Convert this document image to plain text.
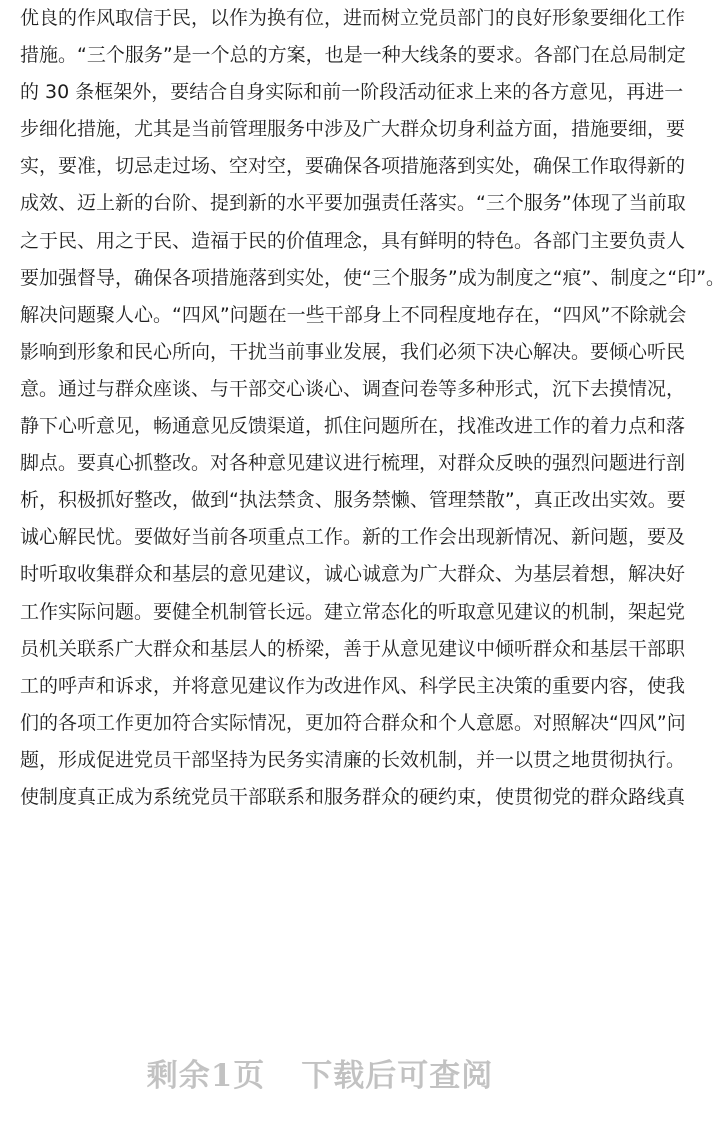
优良的作风取信于民，以作为换有位，进而树立党员部门的良好形象要细化工作
措施。“三个服务”是一个总的方案，也是一种大线条的要求。各部门在总局制定
的 30 条框架外，要结合自身实际和前一阶段活动征求上来的各方意见，再进一
步细化措施，尤其是当前管理服务中涉及广大群众切身利益方面，措施要细，要
实，要准，切忌走过场、空对空，要确保各项措施落到实处，确保工作取得新的
成效、迈上新的台阶、提到新的水平要加强责任落实。“三个服务”体现了当前取
之于民、用之于民、造福于民的价值理念，具有鲜明的特色。各部门主要负责人
要加强督导，确保各项措施落到实处，使“三个服务”成为制度之“痕”、制度之“印”。
解决问题聚人心。“四风”问题在一些干部身上不同程度地存在，“四风”不除就会
影响到形象和民心所向，干扰当前事业发展，我们必须下决心解决。要倾心听民
意。通过与群众座谈、与干部交心谈心、调查问卷等多种形式，沉下去摸情况，
静下心听意见，畅通意见反馈渠道，抓住问题所在，找准改进工作的着力点和落
脚点。要真心抓整改。对各种意见建议进行梳理，对群众反映的强烈问题进行剖
析，积极抓好整改，做到“执法禁贪、服务禁懒、管理禁散”，真正改出实效。要
诚心解民忧。要做好当前各项重点工作。新的工作会出现新情况、新问题，要及
时听取收集群众和基层的意见建议，诚心诚意为广大群众、为基层着想，解决好
工作实际问题。要健全机制管长远。建立常态化的听取意见建议的机制，架起党
员机关联系广大群众和基层人的桥梁，善于从意见建议中倾听群众和基层干部职
工的呼声和诉求，并将意见建议作为改进作风、科学民主决策的重要内容，使我
们的各项工作更加符合实际情况，更加符合群众和个人意愿。对照解决“四风”问
题，形成促进党员干部坚持为民务实清廉的长效机制，并一以贯之地贯彻执行。
使制度真正成为系统党员干部联系和服务群众的硬约束，使贯彻党的群众路线真
剩余1页 下载后可查阅
